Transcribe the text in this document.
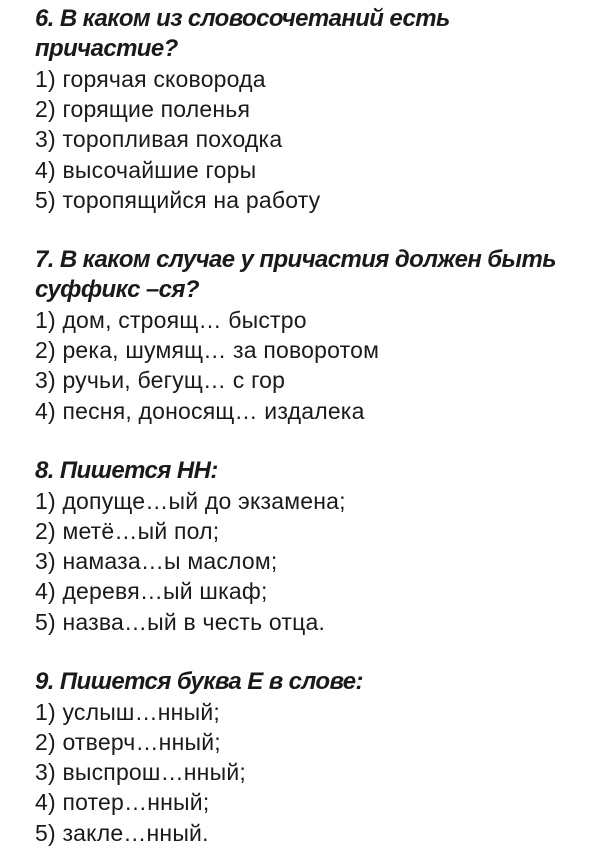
6. В каком из словосочетаний есть причастие?

1) горячая сковорода
2) горящие поленья
3) торопливая походка
4) высочайшие горы
5) торопящийся на работу

7. В каком случае у причастия должен быть суффикс –ся?

1) дом, строящ… быстро
2) река, шумящ… за поворотом
3) ручьи, бегущ… с гор
4) песня, доносящ… издалека

8. Пишется НН:

1) допуще…ый до экзамена;
2) метё…ый пол;
3) намаза…ы маслом;
4) деревя…ый шкаф;
5) назва…ый в честь отца.

9. Пишется буква Е в слове:

1) услыш…нный;
2) отверч…нный;
3) выспрош…нный;
4) потер…нный;
5) закле…нный.
